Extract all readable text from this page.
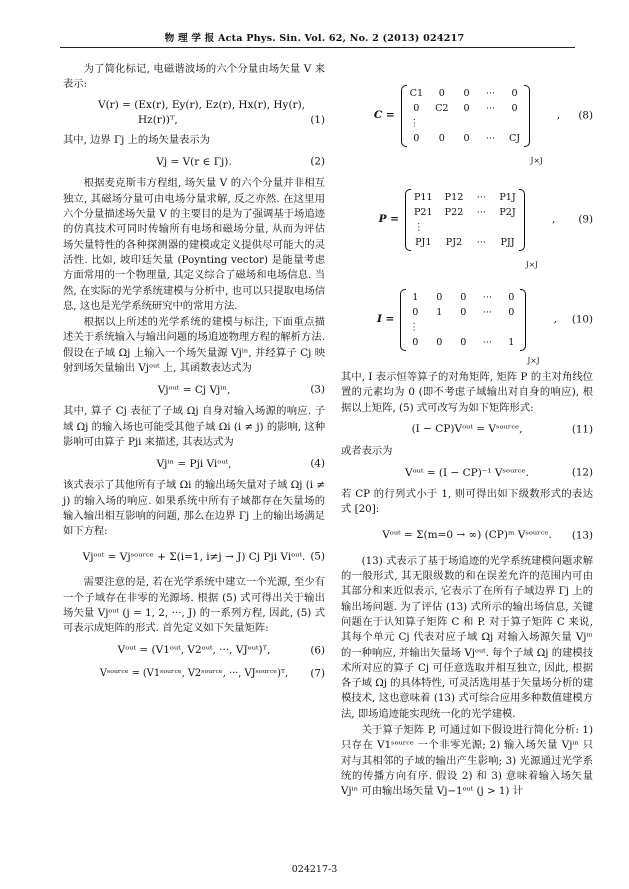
物 理 学 报 Acta Phys. Sin. Vol. 62, No. 2 (2013) 024217

为了简化标记, 电磁谐波场的六个分量由场矢量 V 来表示:

V(r) = (Ex(r), Ey(r), Ez(r), Hx(r), Hy(r),
Hz(r))ᵀ,	(1)

其中, 边界 Γj 上的场矢量表示为

Vj = V(r ∈ Γj).	(2)

根据麦克斯韦方程组, 场矢量 V 的六个分量并非相互独立, 其磁场分量可由电场分量求解, 反之亦然. 在这里用六个分量描述场矢量 V 的主要目的是为了强调基于场追迹的仿真技术可同时传输所有电场和磁场分量, 从而为评估场矢量特性的各种探测器的建模或定义提供尽可能大的灵活性. 比如, 坡印廷矢量 (Poynting vector) 是能量考虑方面常用的一个物理量, 其定义综合了磁场和电场信息. 当然, 在实际的光学系统建模与分析中, 也可以只提取电场信息, 这也是光学系统研究中的常用方法.

根据以上所述的光学系统的建模与标注, 下面重点描述关于系统输入与输出问题的场追迹物理方程的解析方法. 假设在子域 Ωj 上输入一个场矢量源 Vjⁱⁿ, 并经算子 Cj 映射到场矢量输出 Vjᵒᵘᵗ 上, 其函数表达式为

Vjᵒᵘᵗ = Cj Vjⁱⁿ,	(3)

其中, 算子 Cj 表征了子域 Ωj 自身对输入场源的响应. 子域 Ωj 的输入场也可能受其他子域 Ωi (i ≠ j) 的影响, 这种影响可由算子 Pji 来描述, 其表达式为

Vjⁱⁿ = Pji Viᵒᵘᵗ,	(4)

该式表示了其他所有子域 Ωi 的输出场矢量对子域 Ωj (i ≠ j) 的输入场的响应. 如果系统中所有子域都存在矢量场的输入输出相互影响的问题, 那么在边界 Γj 上的输出场满足如下方程:

Vjᵒᵘᵗ = Vjˢᵒᵘʳᶜᵉ + Σ(i=1, i≠j → J) Cj Pji Viᵒᵘᵗ. (5)

需要注意的是, 若在光学系统中建立一个光源, 至少有一个子域存在非零的光源场. 根据 (5) 式可得出关于输出场矢量 Vjᵒᵘᵗ (j = 1, 2, ···, J) 的一系列方程, 因此, (5) 式可表示成矩阵的形式. 首先定义如下矢量矩阵:

Vᵒᵘᵗ = (V1ᵒᵘᵗ, V2ᵒᵘᵗ, ···, VJᵒᵘᵗ)ᵀ,	(6)
Vˢᵒᵘʳᶜᵉ = (V1ˢᵒᵘʳᶜᵉ, V2ˢᵒᵘʳᶜᵉ, ···, VJˢᵒᵘʳᶜᵉ)ᵀ, (7)
C =
C1	0	0	···	0
0	C2	0	···	0
⋮
0	0	0	··· CJ
J×J
, (8)
P =
P11 P12 ··· P1J
P21 P22 ··· P2J
⋮
PJ1 PJ2 ··· PJJ
J×J
, (9)
I =
1	0	0	···	0
0	1	0	···	0
⋮
0	0	0	···	1
J×J
, (10)

其中, I 表示恒等算子的对角矩阵, 矩阵 P 的主对角线位置的元素均为 0 (即不考虑子域输出对自身的响应), 根据以上矩阵, (5) 式可改写为如下矩阵形式:

(I − CP)Vᵒᵘᵗ = Vˢᵒᵘʳᶜᵉ,	(11)

或者表示为

Vᵒᵘᵗ = (I − CP)⁻¹ Vˢᵒᵘʳᶜᵉ.	(12)

若 CP 的行列式小于 1, 则可得出如下级数形式的表达式 [20]:

Vᵒᵘᵗ = Σ(m=0 → ∞) (CP)ᵐ Vˢᵒᵘʳᶜᵉ. (13)

(13) 式表示了基于场追迹的光学系统建模问题求解的一般形式, 其无限级数的和在误差允许的范围内可由其部分和来近似表示, 它表示了在所有子域边界 Γj 上的输出场问题. 为了评估 (13) 式所示的输出场信息, 关键问题在于认知算子矩阵 C 和 P. 对于算子矩阵 C 来说, 其每个单元 Cj 代表对应子域 Ωj 对输入场源矢量 Vjⁱⁿ 的一种响应, 并输出矢量场 Vjᵒᵘᵗ. 每个子域 Ωj 的建模技术所对应的算子 Cj 可任意选取并相互独立, 因此, 根据各子域 Ωj 的具体特性, 可灵活选用基于矢量场分析的建模技术, 这也意味着 (13) 式可综合应用多种数值建模方法, 即场追迹能实现统一化的光学建模.

关于算子矩阵 P, 可通过如下假设进行简化分析: 1) 只存在 V1ˢᵒᵘʳᶜᵉ 一个非零光源; 2) 输入场矢量 Vjⁱⁿ 只对与其相邻的子域的输出产生影响; 3) 光源通过光学系统的传播方向有序. 假设 2) 和 3) 意味着输入场矢量 Vjⁱⁿ 可由输出场矢量 Vj−1ᵒᵘᵗ (j > 1) 计

024217-3
